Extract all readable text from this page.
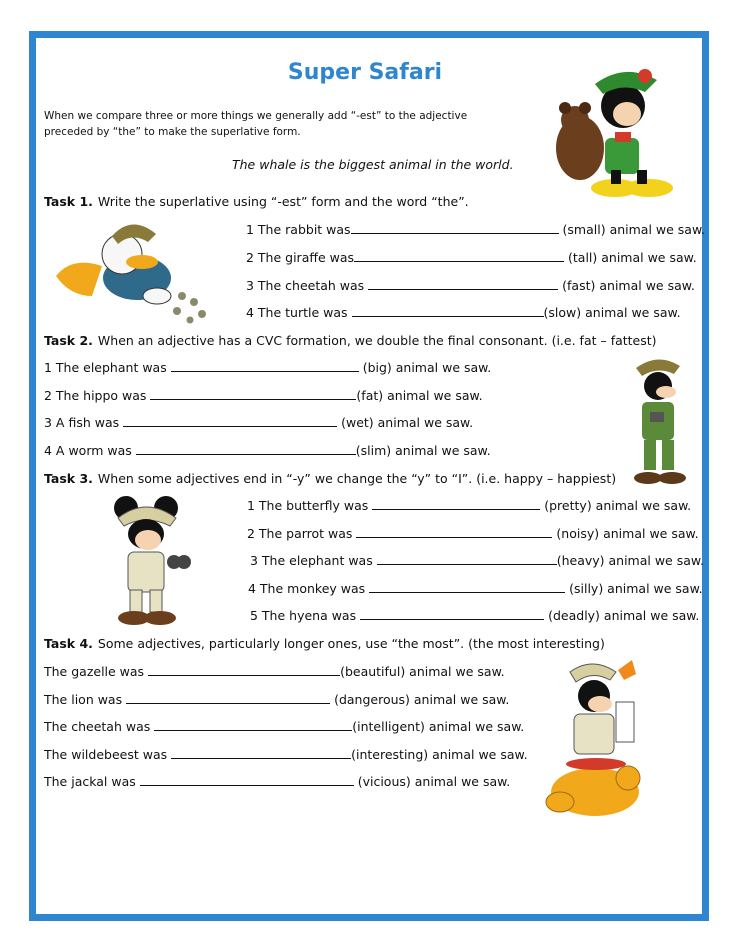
Super Safari
When we compare three or more things we generally add “-est” to the adjective preceded by “the” to make the superlative form.
The whale is the biggest animal in the world.
Task 1. Write the superlative using “-est” form and the word “the”.
1 The rabbit was	(small) animal we saw.
2 The giraffe was	(tall) animal we saw.
3 The cheetah was	(fast) animal we saw.
4 The turtle was	(slow) animal we saw.
Task 2. When an adjective has a CVC formation, we double the final consonant. (i.e. fat – fattest)
1 The elephant was	(big) animal we saw.
2 The hippo was	(fat) animal we saw.
3 A fish was	(wet) animal we saw.
4 A worm was	(slim) animal we saw.
Task 3. When some adjectives end in “-y” we change the “y” to “I”. (i.e. happy – happiest)
1 The butterfly was	(pretty) animal we saw.
2 The parrot was	(noisy) animal we saw.
3 The elephant was	(heavy) animal we saw.
4 The monkey was	(silly) animal we saw.
5 The hyena was	(deadly) animal we saw.
Task 4. Some adjectives, particularly longer ones, use “the most”. (the most interesting)
The gazelle was	(beautiful) animal we saw.
The lion was	(dangerous) animal we saw.
The cheetah was	(intelligent) animal we saw.
The wildebeest was	(interesting) animal we saw.
The jackal was	(vicious) animal we saw.
